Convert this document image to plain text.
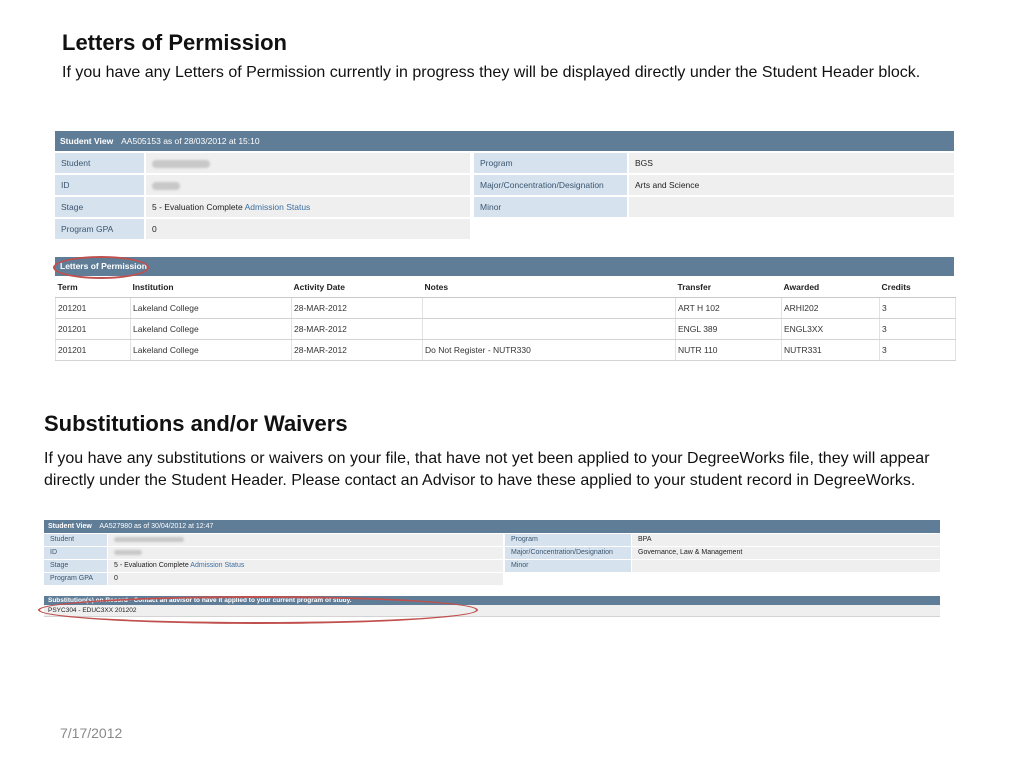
Letters of Permission
If you have any Letters of Permission currently in progress they will be displayed directly under the Student Header block.
Student View AA505153 as of 28/03/2012 at 15:10
Student	Program	BGS
ID	Major/Concentration/Designation	Arts and Science
Stage	5 - Evaluation Complete Admission Status	Minor
Program GPA	0
Letters of Permission
Term	Institution	Activity Date	Notes	Transfer	Awarded	Credits
201201	Lakeland College	28-MAR-2012		ART H 102	ARHI202	3
201201	Lakeland College	28-MAR-2012		ENGL 389	ENGL3XX	3
201201	Lakeland College	28-MAR-2012	Do Not Register - NUTR330	NUTR 110	NUTR331	3
Substitutions and/or Waivers
If you have any substitutions or waivers on your file, that have not yet been applied to your DegreeWorks file, they will appear directly under the Student Header. Please contact an Advisor to have these applied to your student record in DegreeWorks.
Student View AA527980 as of 30/04/2012 at 12:47
Student	Program	BPA
ID	Major/Concentration/Designation	Governance, Law & Management
Stage	5 - Evaluation Complete Admission Status	Minor
Program GPA	0
Substitution(s) on Record - Contact an advisor to have it applied to your current program of study.
PSYC304 - EDUC3XX 201202
7/17/2012
